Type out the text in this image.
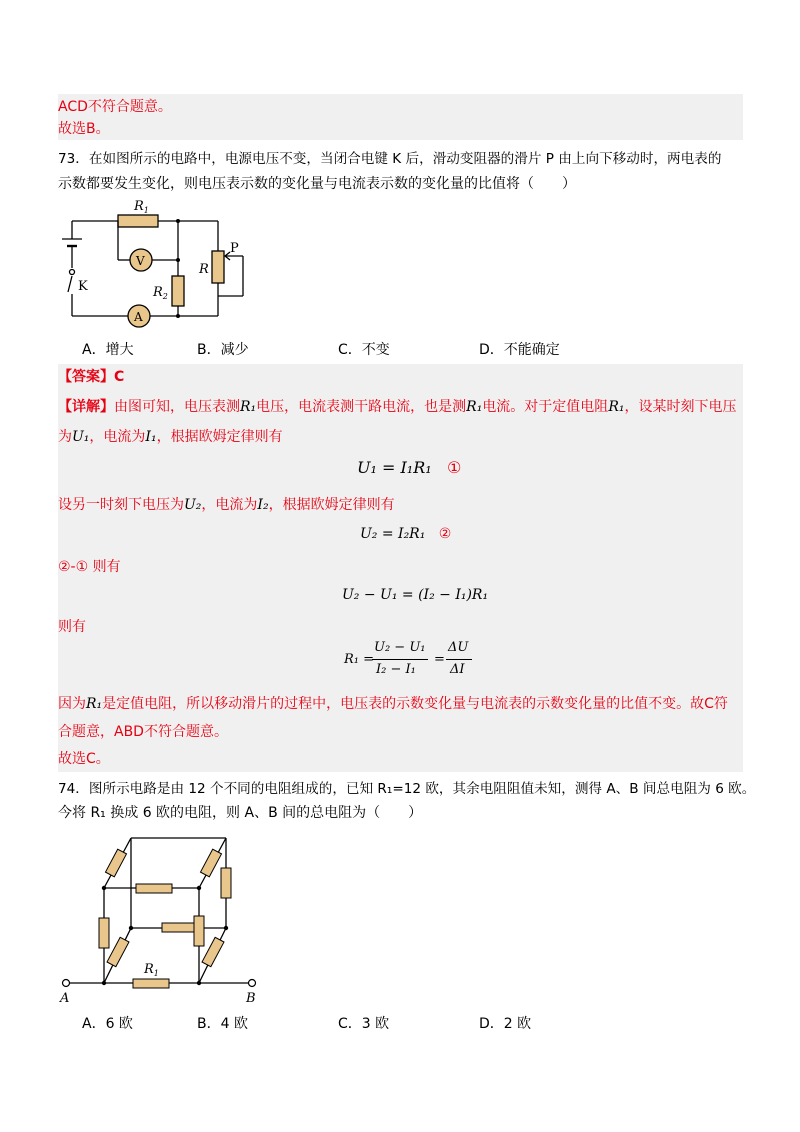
ACD不符合题意。
故选B。
73．在如图所示的电路中，电源电压不变，当闭合电键 K 后，滑动变阻器的滑片 P 由上向下移动时，两电表的
示数都要发生变化，则电压表示数的变化量与电流表示数的变化量的比值将（　　）
$R_1$
V
A
R
P
$R_2$
K
A．增大	B．减少	C．不变	D．不能确定
【答案】C
【详解】由图可知，电压表测R₁电压，电流表测干路电流，也是测R₁电流。对于定值电阻R₁，设某时刻下电压
为U₁，电流为I₁，根据欧姆定律则有
U₁ = I₁R₁ ①
设另一时刻下电压为U₂，电流为I₂，根据欧姆定律则有
U₂ = I₂R₁ ②
②-① 则有
U₂ − U₁ = (I₂ − I₁)R₁
则有
R₁ =
U₂ − U₁
I₂ − I₁
=
ΔU
ΔI
因为R₁是定值电阻，所以移动滑片的过程中，电压表的示数变化量与电流表的示数变化量的比值不变。故C符
合题意，ABD不符合题意。
故选C。
74．图所示电路是由 12 个不同的电阻组成的，已知 R₁=12 欧，其余电阻阻值未知，测得 A、B 间总电阻为 6 欧。
今将 R₁ 换成 6 欧的电阻，则 A、B 间的总电阻为（　　）
$R_1$
A	B
A．6 欧	B．4 欧	C．3 欧	D．2 欧
